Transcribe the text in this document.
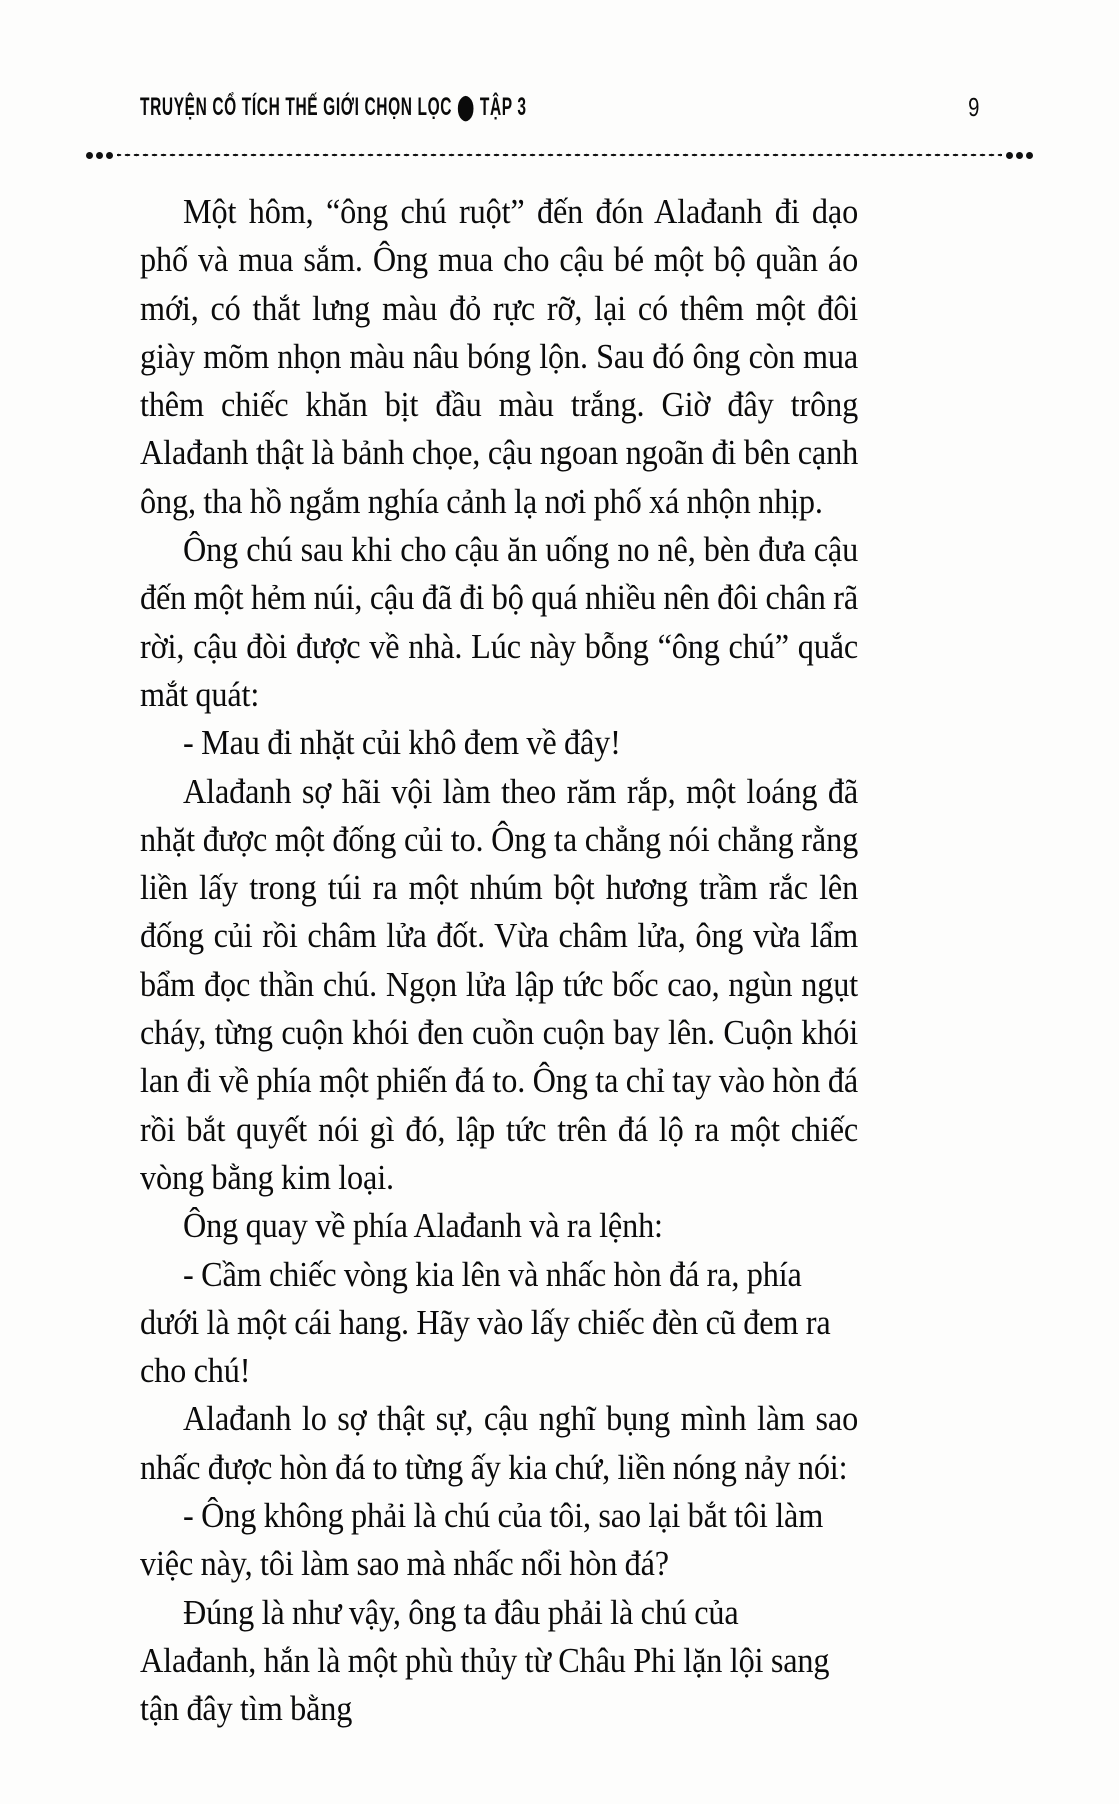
TRUYỆN CỔ TÍCH THẾ GIỚI CHỌN LỌC ⬤ TẬP 3	9

Một hôm, “ông chú ruột” đến đón Alađanh đi dạo phố và mua sắm. Ông mua cho cậu bé một bộ quần áo mới, có thắt lưng màu đỏ rực rỡ, lại có thêm một đôi giày mõm nhọn màu nâu bóng lộn. Sau đó ông còn mua thêm chiếc khăn bịt đầu màu trắng. Giờ đây trông Alađanh thật là bảnh chọe, cậu ngoan ngoãn đi bên cạnh ông, tha hồ ngắm nghía cảnh lạ nơi phố xá nhộn nhịp.

Ông chú sau khi cho cậu ăn uống no nê, bèn đưa cậu đến một hẻm núi, cậu đã đi bộ quá nhiều nên đôi chân rã rời, cậu đòi được về nhà. Lúc này bỗng “ông chú” quắc mắt quát:

- Mau đi nhặt củi khô đem về đây!

Alađanh sợ hãi vội làm theo răm rắp, một loáng đã nhặt được một đống củi to. Ông ta chẳng nói chẳng rằng liền lấy trong túi ra một nhúm bột hương trầm rắc lên đống củi rồi châm lửa đốt. Vừa châm lửa, ông vừa lẩm bẩm đọc thần chú. Ngọn lửa lập tức bốc cao, ngùn ngụt cháy, từng cuộn khói đen cuồn cuộn bay lên. Cuộn khói lan đi về phía một phiến đá to. Ông ta chỉ tay vào hòn đá rồi bắt quyết nói gì đó, lập tức trên đá lộ ra một chiếc vòng bằng kim loại.

Ông quay về phía Alađanh và ra lệnh:

- Cầm chiếc vòng kia lên và nhấc hòn đá ra, phía dưới là một cái hang. Hãy vào lấy chiếc đèn cũ đem ra cho chú!

Alađanh lo sợ thật sự, cậu nghĩ bụng mình làm sao nhấc được hòn đá to từng ấy kia chứ, liền nóng nảy nói:

- Ông không phải là chú của tôi, sao lại bắt tôi làm việc này, tôi làm sao mà nhấc nổi hòn đá?

Đúng là như vậy, ông ta đâu phải là chú của Alađanh, hắn là một phù thủy từ Châu Phi lặn lội sang tận đây tìm bằng
